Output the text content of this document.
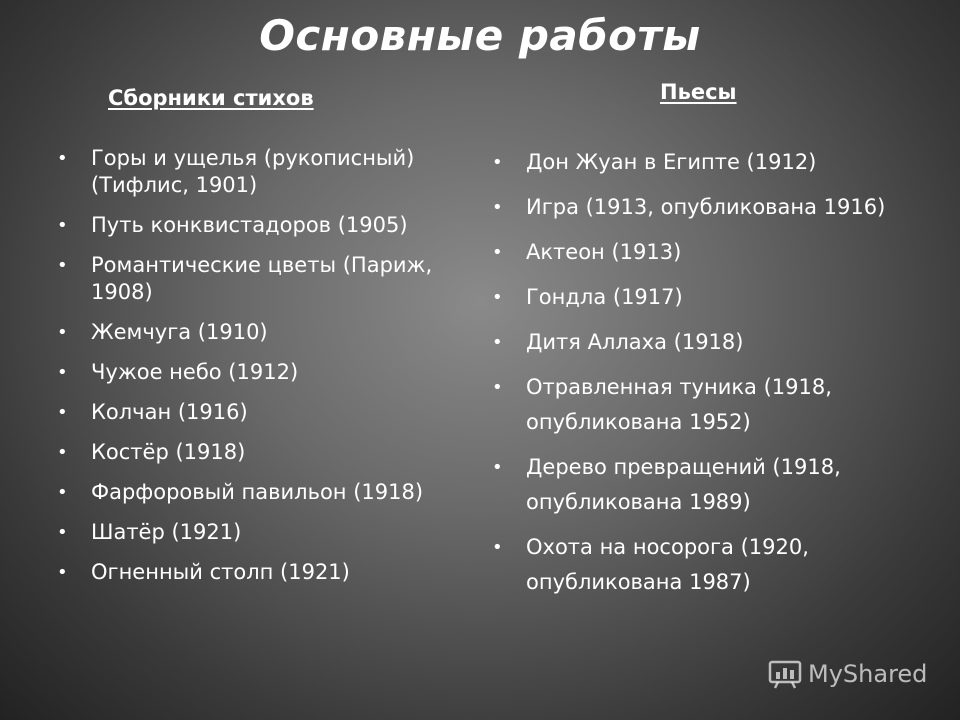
Основные работы
Сборники стихов	Пьесы
• Горы и ущелья (рукописный) (Тифлис, 1901)
• Путь конквистадоров (1905)
• Романтические цветы (Париж, 1908)
• Жемчуга (1910)
• Чужое небо (1912)
• Колчан (1916)
• Костёр (1918)
• Фарфоровый павильон (1918)
• Шатёр (1921)
• Огненный столп (1921)
• Дон Жуан в Египте (1912)
• Игра (1913, опубликована 1916)
• Актеон (1913)
• Гондла (1917)
• Дитя Аллаха (1918)
• Отравленная туника (1918, опубликована 1952)
• Дерево превращений (1918, опубликована 1989)
• Охота на носорога (1920, опубликована 1987)
MyShared
